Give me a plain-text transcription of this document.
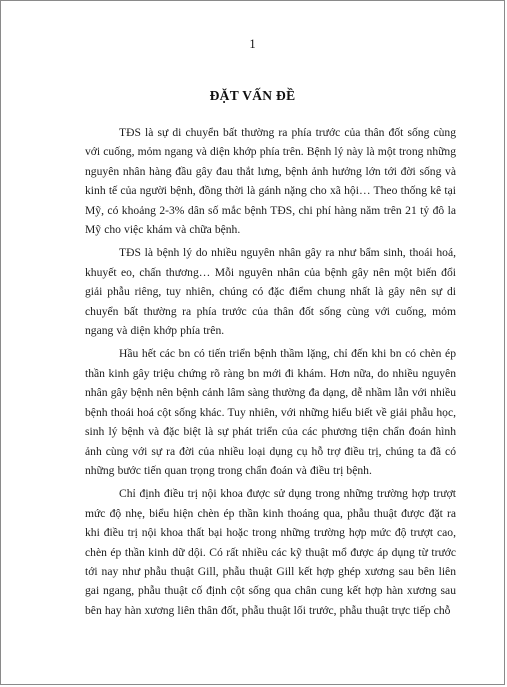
1
ĐẶT VẤN ĐỀ

TĐS là sự di chuyển bất thường ra phía trước của thân đốt sống cùng với cuống, mỏm ngang và diện khớp phía trên. Bệnh lý này là một trong những nguyên nhân hàng đầu gây đau thắt lưng, bệnh ảnh hưởng lớn tới đời sống và kinh tế của người bệnh, đồng thời là gánh nặng cho xã hội… Theo thống kê tại Mỹ, có khoảng 2-3% dân số mắc bệnh TĐS, chi phí hàng năm trên 21 tỷ đô la Mỹ cho việc khám và chữa bệnh.

TĐS là bệnh lý do nhiều nguyên nhân gây ra như bẩm sinh, thoái hoá, khuyết eo, chấn thương… Mỗi nguyên nhân của bệnh gây nên một biến đổi giải phẫu riêng, tuy nhiên, chúng có đặc điểm chung nhất là gây nên sự di chuyển bất thường ra phía trước của thân đốt sống cùng với cuống, mỏm ngang và diện khớp phía trên.

Hầu hết các bn có tiến triển bệnh thầm lặng, chỉ đến khi bn có chèn ép thần kinh gây triệu chứng rõ ràng bn mới đi khám. Hơn nữa, do nhiều nguyên nhân gây bệnh nên bệnh cảnh lâm sàng thường đa dạng, dễ nhầm lẫn với nhiều bệnh thoái hoá cột sống khác. Tuy nhiên, với những hiểu biết về giải phẫu học, sinh lý bệnh và đặc biệt là sự phát triển của các phương tiện chẩn đoán hình ảnh cùng với sự ra đời của nhiều loại dụng cụ hỗ trợ điều trị, chúng ta đã có những bước tiến quan trọng trong chẩn đoán và điều trị bệnh.

Chỉ định điều trị nội khoa được sử dụng trong những trường hợp trượt mức độ nhẹ, biểu hiện chèn ép thần kinh thoáng qua, phẫu thuật được đặt ra khi điều trị nội khoa thất bại hoặc trong những trường hợp mức độ trượt cao, chèn ép thần kinh dữ dội. Có rất nhiều các kỹ thuật mổ được áp dụng từ trước tới nay như phẫu thuật Gill, phẫu thuật Gill kết hợp ghép xương sau bên liên gai ngang, phẫu thuật cố định cột sống qua chân cung kết hợp hàn xương sau bên hay hàn xương liên thân đốt, phẫu thuật lối trước, phẫu thuật trực tiếp chỗ
